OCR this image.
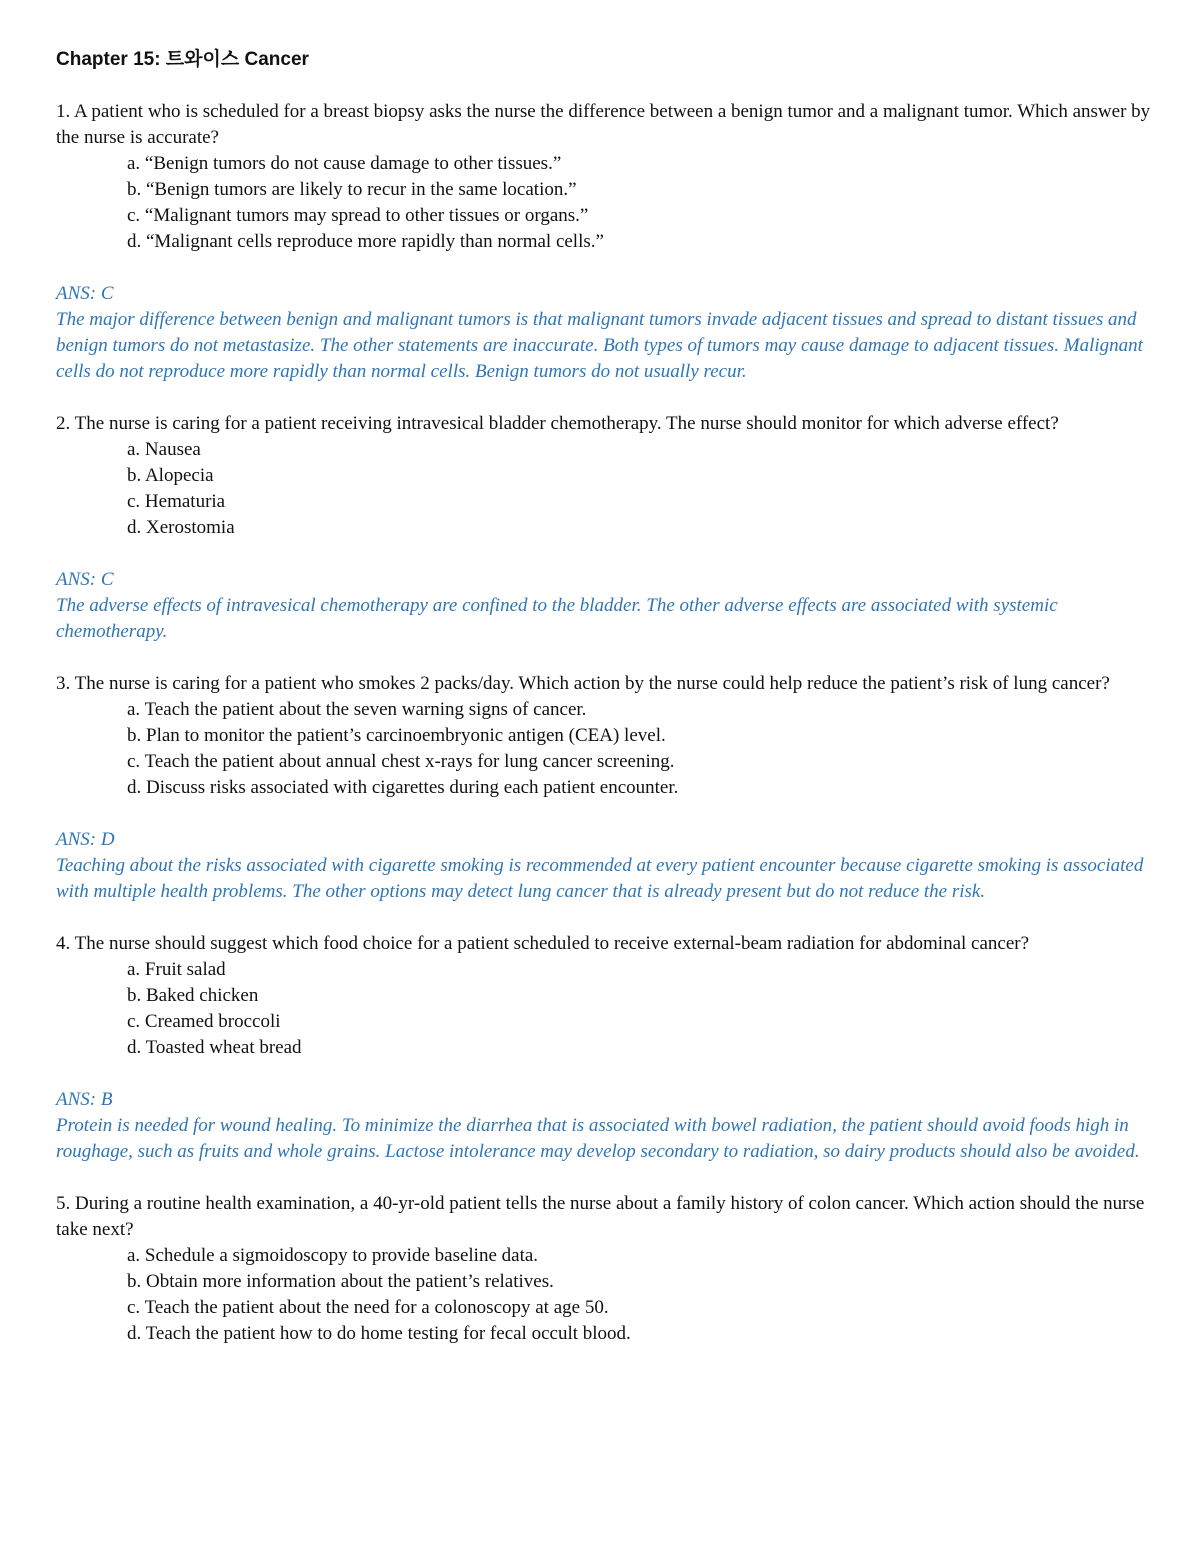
Chapter 15: 트와이스 Cancer

1. A patient who is scheduled for a breast biopsy asks the nurse the difference between a benign tumor and a malignant tumor. Which answer by the nurse is accurate?

a. “Benign tumors do not cause damage to other tissues.”
b. “Benign tumors are likely to recur in the same location.”
c. “Malignant tumors may spread to other tissues or organs.”
d. “Malignant cells reproduce more rapidly than normal cells.”

ANS: C

The major difference between benign and malignant tumors is that malignant tumors invade adjacent tissues and spread to distant tissues and benign tumors do not metastasize. The other statements are inaccurate. Both types of tumors may cause damage to adjacent tissues. Malignant cells do not reproduce more rapidly than normal cells. Benign tumors do not usually recur.

2. The nurse is caring for a patient receiving intravesical bladder chemotherapy. The nurse should monitor for which adverse effect?

a. Nausea
b. Alopecia
c. Hematuria
d. Xerostomia

ANS: C

The adverse effects of intravesical chemotherapy are confined to the bladder. The other adverse effects are associated with systemic chemotherapy.

3. The nurse is caring for a patient who smokes 2 packs/day. Which action by the nurse could help reduce the patient’s risk of lung cancer?

a. Teach the patient about the seven warning signs of cancer.
b. Plan to monitor the patient’s carcinoembryonic antigen (CEA) level.
c. Teach the patient about annual chest x-rays for lung cancer screening.
d. Discuss risks associated with cigarettes during each patient encounter.

ANS: D

Teaching about the risks associated with cigarette smoking is recommended at every patient encounter because cigarette smoking is associated with multiple health problems. The other options may detect lung cancer that is already present but do not reduce the risk.

4. The nurse should suggest which food choice for a patient scheduled to receive external-beam radiation for abdominal cancer?

a. Fruit salad
b. Baked chicken
c. Creamed broccoli
d. Toasted wheat bread

ANS: B

Protein is needed for wound healing. To minimize the diarrhea that is associated with bowel radiation, the patient should avoid foods high in roughage, such as fruits and whole grains. Lactose intolerance may develop secondary to radiation, so dairy products should also be avoided.

5. During a routine health examination, a 40-yr-old patient tells the nurse about a family history of colon cancer. Which action should the nurse take next?

a. Schedule a sigmoidoscopy to provide baseline data.
b. Obtain more information about the patient’s relatives.
c. Teach the patient about the need for a colonoscopy at age 50.
d. Teach the patient how to do home testing for fecal occult blood.
